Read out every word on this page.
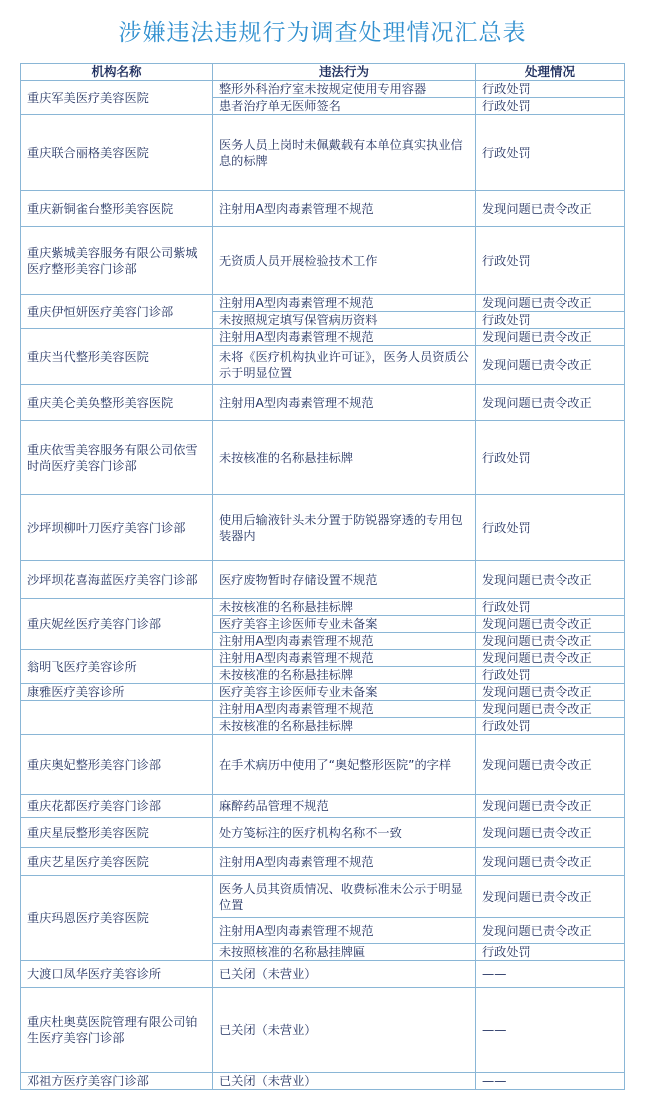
涉嫌违法违规行为调查处理情况汇总表
机构名称	违法行为	处理情况
重庆军美医疗美容医院	整形外科治疗室未按规定使用专用容器	行政处罚
	患者治疗单无医师签名	行政处罚
重庆联合丽格美容医院	医务人员上岗时未佩戴载有本单位真实执业信息的标牌	行政处罚
重庆新铜雀台整形美容医院	注射用A型肉毒素管理不规范	发现问题已责令改正
重庆紫城美容服务有限公司紫城医疗整形美容门诊部	无资质人员开展检验技术工作	行政处罚
重庆伊恒妍医疗美容门诊部	注射用A型肉毒素管理不规范	发现问题已责令改正
	未按照规定填写保管病历资料	行政处罚
重庆当代整形美容医院	注射用A型肉毒素管理不规范	发现问题已责令改正
	未将《医疗机构执业许可证》，医务人员资质公示于明显位置	发现问题已责令改正
重庆美仑美奂整形美容医院	注射用A型肉毒素管理不规范	发现问题已责令改正
重庆依雪美容服务有限公司依雪时尚医疗美容门诊部	未按核准的名称悬挂标牌	行政处罚
沙坪坝柳叶刀医疗美容门诊部	使用后输液针头未分置于防锐器穿透的专用包装器内	行政处罚
沙坪坝花喜海蓝医疗美容门诊部	医疗废物暂时存储设置不规范	发现问题已责令改正
重庆妮丝医疗美容门诊部	未按核准的名称悬挂标牌	行政处罚
	医疗美容主诊医师专业未备案	发现问题已责令改正
	注射用A型肉毒素管理不规范	发现问题已责令改正
翁明飞医疗美容诊所	注射用A型肉毒素管理不规范	发现问题已责令改正
	未按核准的名称悬挂标牌	行政处罚
康雅医疗美容诊所	医疗美容主诊医师专业未备案	发现问题已责令改正
	注射用A型肉毒素管理不规范	发现问题已责令改正
	未按核准的名称悬挂标牌	行政处罚
重庆奥妃整形美容门诊部	在手术病历中使用了“奥妃整形医院”的字样	发现问题已责令改正
重庆花都医疗美容门诊部	麻醉药品管理不规范	发现问题已责令改正
重庆星辰整形美容医院	处方笺标注的医疗机构名称不一致	发现问题已责令改正
重庆艺星医疗美容医院	注射用A型肉毒素管理不规范	发现问题已责令改正
重庆玛恩医疗美容医院	医务人员其资质情况、收费标准未公示于明显位置	发现问题已责令改正
	注射用A型肉毒素管理不规范	发现问题已责令改正
	未按照核准的名称悬挂牌匾	行政处罚
大渡口凤华医疗美容诊所	已关闭（未营业）	——
重庆杜奥莫医院管理有限公司铂生医疗美容门诊部	已关闭（未营业）	——
邓祖方医疗美容门诊部	已关闭（未营业）	——
